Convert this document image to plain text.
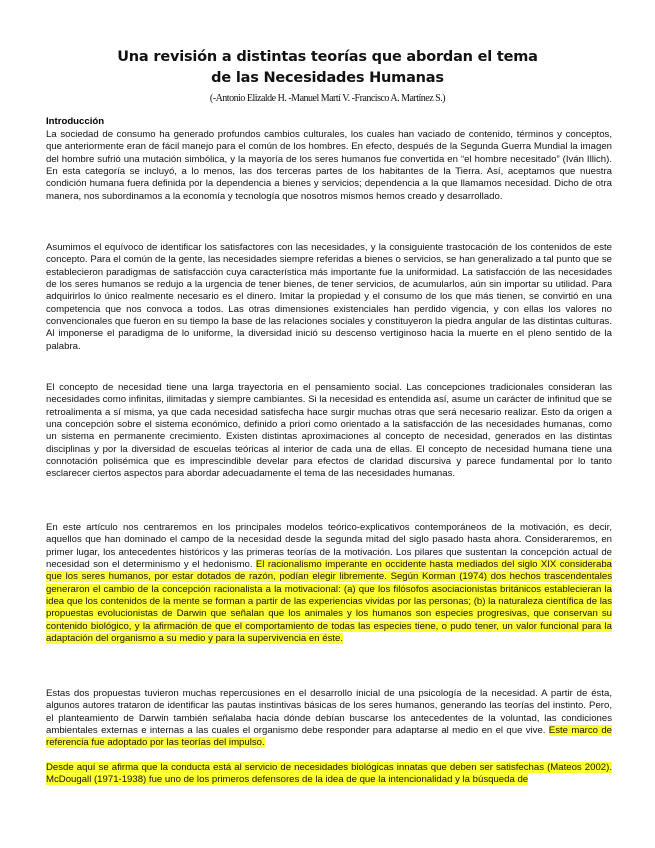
Una revisión a distintas teorías que abordan el tema
de las Necesidades Humanas
(-Antonio Elizalde H. -Manuel Martí V. -Francisco A. Martínez S.)
Introducción

La sociedad de consumo ha generado profundos cambios culturales, los cuales han vaciado de contenido, términos y conceptos, que anteriormente eran de fácil manejo para el común de los hombres. En efecto, después de la Segunda Guerra Mundial la imagen del hombre sufrió una mutación simbólica, y la mayoría de los seres humanos fue convertida en “el hombre necesitado” (Iván Illich). En esta categoría se incluyó, a lo menos, las dos terceras partes de los habitantes de la Tierra. Así, aceptamos que nuestra condición humana fuera definida por la dependencia a bienes y servicios; dependencia a la que llamamos necesidad. Dicho de otra manera, nos subordinamos a la economía y tecnología que nosotros mismos hemos creado y desarrollado.

Asumimos el equívoco de identificar los satisfactores con las necesidades, y la consiguiente trastocación de los contenidos de este concepto. Para el común de la gente, las necesidades siempre referidas a bienes o servicios, se han generalizado a tal punto que se establecieron paradigmas de satisfacción cuya característica más importante fue la uniformidad. La satisfacción de las necesidades de los seres humanos se redujo a la urgencia de tener bienes, de tener servicios, de acumularlos, aún sin importar su utilidad. Para adquirirlos lo único realmente necesario es el dinero. Imitar la propiedad y el consumo de los que más tienen, se convirtió en una competencia que nos convoca a todos. Las otras dimensiones existenciales han perdido vigencia, y con ellas los valores no convencionales que fueron en su tiempo la base de las relaciones sociales y constituyeron la piedra angular de las distintas culturas. Al imponerse el paradigma de lo uniforme, la diversidad inició su descenso vertiginoso hacia la muerte en el pleno sentido de la palabra.

El concepto de necesidad tiene una larga trayectoria en el pensamiento social. Las concepciones tradicionales consideran las necesidades como infinitas, ilimitadas y siempre cambiantes. Si la necesidad es entendida así, asume un carácter de infinitud que se retroalimenta a sí misma, ya que cada necesidad satisfecha hace surgir muchas otras que será necesario realizar. Esto da origen a una concepción sobre el sistema económico, definido a priori como orientado a la satisfacción de las necesidades humanas, como un sistema en permanente crecimiento. Existen distintas aproximaciones al concepto de necesidad, generados en las distintas disciplinas y por la diversidad de escuelas teóricas al interior de cada una de ellas. El concepto de necesidad humana tiene una connotación polisémica que es imprescindible develar para efectos de claridad discursiva y parece fundamental por lo tanto esclarecer ciertos aspectos para abordar adecuadamente el tema de las necesidades humanas.

En este artículo nos centraremos en los principales modelos teórico-explicativos contemporáneos de la motivación, es decir, aquellos que han dominado el campo de la necesidad desde la segunda mitad del siglo pasado hasta ahora. Consideraremos, en primer lugar, los antecedentes históricos y las primeras teorías de la motivación. Los pilares que sustentan la concepción actual de necesidad son el determinismo y el hedonismo. El racionalismo imperante en occidente hasta mediados del siglo XIX consideraba que los seres humanos, por estar dotados de razón, podían elegir libremente. Según Korman (1974) dos hechos trascendentales generaron el cambio de la concepción racionalista a la motivacional: (a) que los filósofos asociacionistas británicos establecieran la idea que los contenidos de la mente se forman a partir de las experiencias vividas por las personas; (b) la naturaleza científica de las propuestas evolucionistas de Darwin que señalan que los animales y los humanos son especies progresivas, que conservan su contenido biológico, y la afirmación de que el comportamiento de todas las especies tiene, o pudo tener, un valor funcional para la adaptación del organismo a su medio y para la supervivencia en éste.

Estas dos propuestas tuvieron muchas repercusiones en el desarrollo inicial de una psicología de la necesidad. A partir de ésta, algunos autores trataron de identificar las pautas instintivas básicas de los seres humanos, generando las teorías del instinto. Pero, el planteamiento de Darwin también señalaba hacia dónde debían buscarse los antecedentes de la voluntad, las condiciones ambientales externas e internas a las cuales el organismo debe responder para adaptarse al medio en el que vive. Este marco de referencia fue adoptado por las teorías del impulso.

Desde aquí se afirma que la conducta está al servicio de necesidades biológicas innatas que deben ser satisfechas (Mateos 2002). McDougall (1971-1938) fue uno de los primeros defensores de la idea de que la intencionalidad y la búsqueda de
